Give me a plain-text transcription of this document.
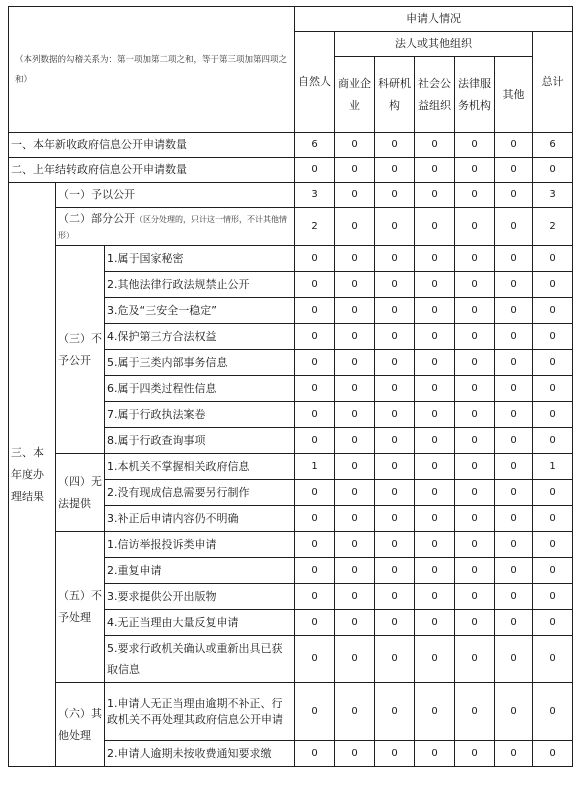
（本列数据的勾稽关系为：第一项加第二项之和，等于第三项加第四项之和）			申请人情况						
			自然人	法人或其他组织					总计
				商业企业	科研机构	社会公益组织	法律服务机构	其他	
一、本年新收政府信息公开申请数量			6	0	0	0	0	0	6
二、上年结转政府信息公开申请数量			0	0	0	0	0	0	0
三、本年度办理结果	（一）予以公开		3	0	0	0	0	0	3
	（二）部分公开（区分处理的，只计这一情形，不计其他情形）		2	0	0	0	0	0	2
	（三）不予公开	1.属于国家秘密	0	0	0	0	0	0	0
		2.其他法律行政法规禁止公开	0	0	0	0	0	0	0
		3.危及“三安全一稳定”	0	0	0	0	0	0	0
		4.保护第三方合法权益	0	0	0	0	0	0	0
		5.属于三类内部事务信息	0	0	0	0	0	0	0
		6.属于四类过程性信息	0	0	0	0	0	0	0
		7.属于行政执法案卷	0	0	0	0	0	0	0
		8.属于行政查询事项	0	0	0	0	0	0	0
	（四）无法提供	1.本机关不掌握相关政府信息	1	0	0	0	0	0	1
		2.没有现成信息需要另行制作	0	0	0	0	0	0	0
		3.补正后申请内容仍不明确	0	0	0	0	0	0	0
	（五）不予处理	1.信访举报投诉类申请	0	0	0	0	0	0	0
		2.重复申请	0	0	0	0	0	0	0
		3.要求提供公开出版物	0	0	0	0	0	0	0
		4.无正当理由大量反复申请	0	0	0	0	0	0	0
		5.要求行政机关确认或重新出具已获取信息	0	0	0	0	0	0	0
	（六）其他处理	1.申请人无正当理由逾期不补正、行政机关不再处理其政府信息公开申请	0	0	0	0	0	0	0
		2.申请人逾期未按收费通知要求缴	0	0	0	0	0	0	0
